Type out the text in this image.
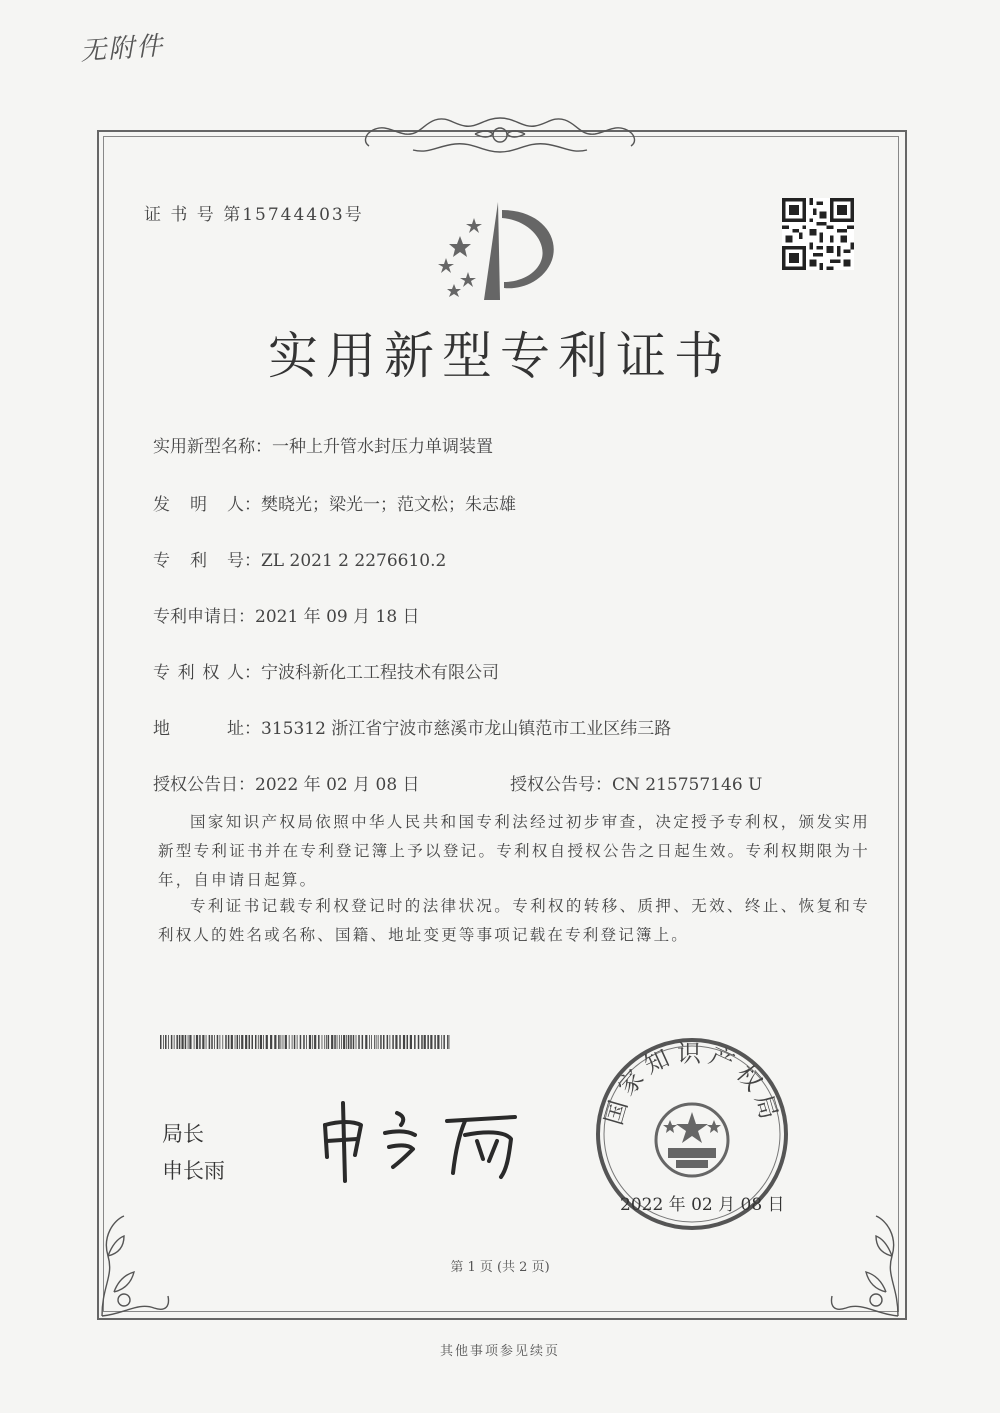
无附件
证 书 号 第15744403号
实用新型专利证书
实用新型名称：一种上升管水封压力单调装置
发 明 人： 樊晓光；梁光一；范文松；朱志雄
专 利 号： ZL 2021 2 2276610.2
专利申请日：2021 年 09 月 18 日
专 利 权 人： 宁波科新化工工程技术有限公司
地	址： 315312 浙江省宁波市慈溪市龙山镇范市工业区纬三路
授权公告日：2022 年 02 月 08 日	授权公告号：CN 215757146 U
国家知识产权局依照中华人民共和国专利法经过初步审查，决定授予专利权，颁发实用新型专利证书并在专利登记簿上予以登记。专利权自授权公告之日起生效。专利权期限为十年，自申请日起算。
专利证书记载专利权登记时的法律状况。专利权的转移、质押、无效、终止、恢复和专利权人的姓名或名称、国籍、地址变更等事项记载在专利登记簿上。
局长
申长雨
国家知识产权局
2022 年 02 月 08 日
第 1 页 (共 2 页)
其他事项参见续页
